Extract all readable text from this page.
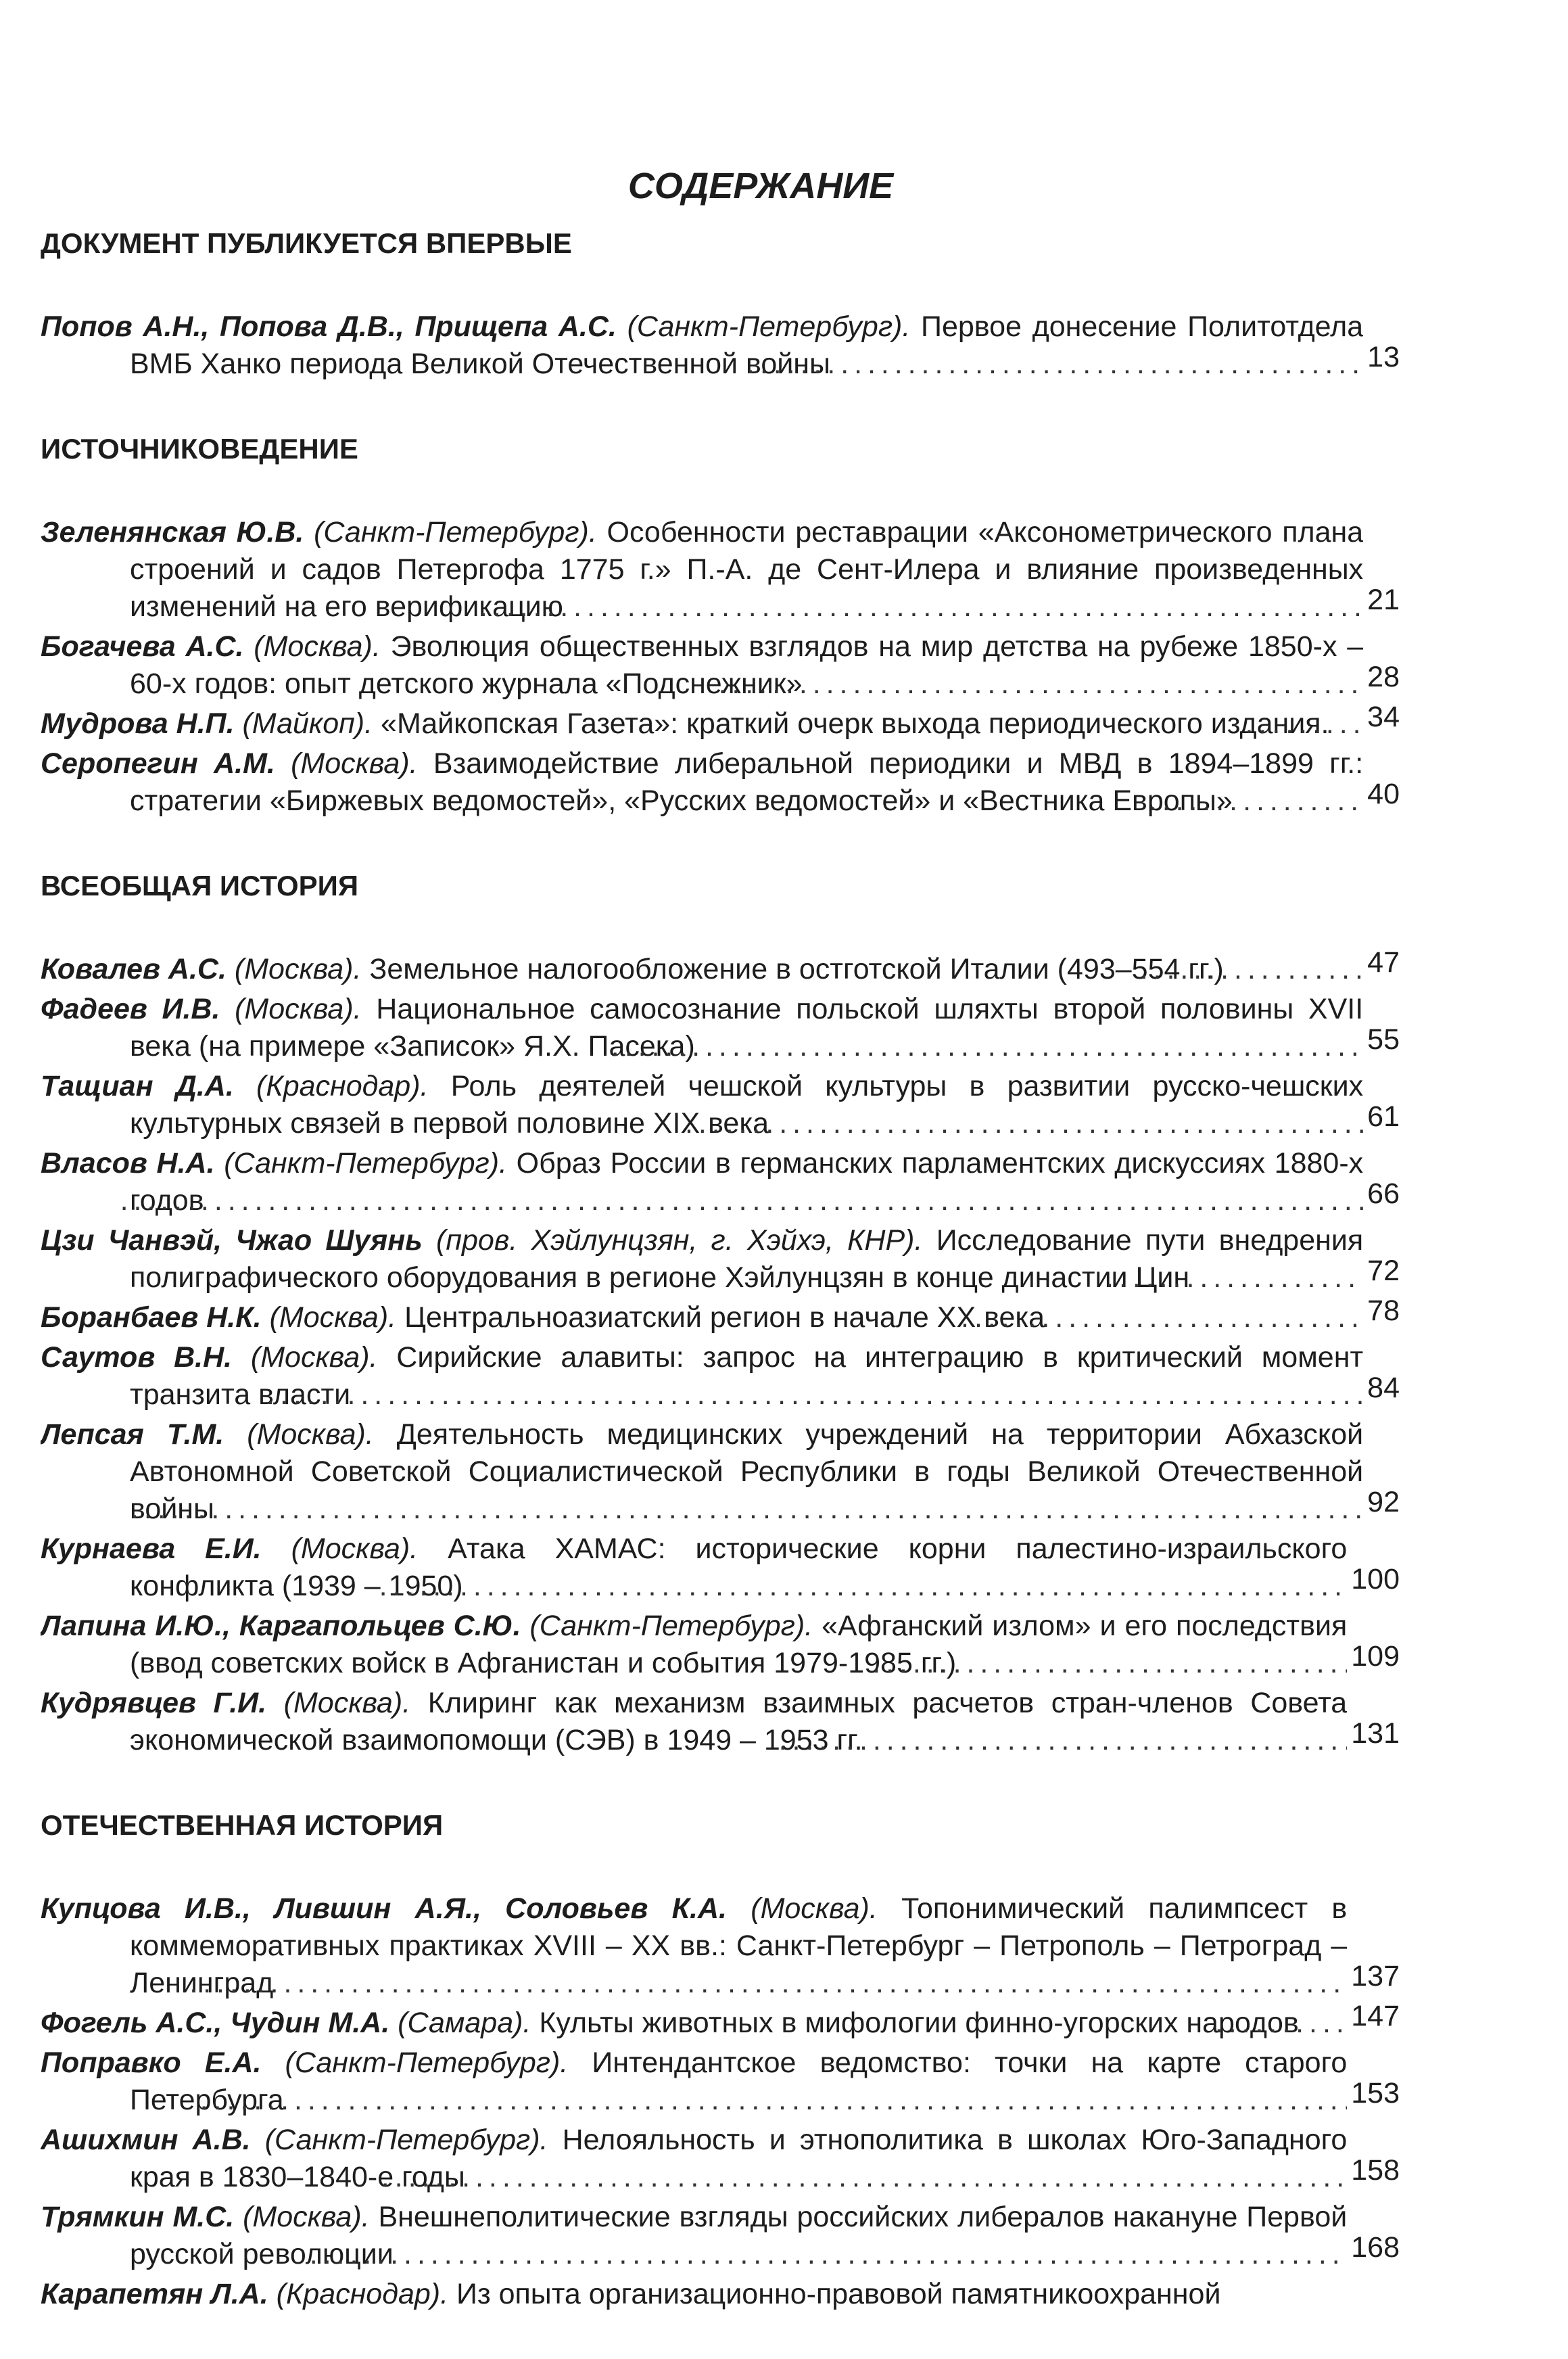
СОДЕРЖАНИЕ
ДОКУМЕНТ ПУБЛИКУЕТСЯ ВПЕРВЫЕ
Попов А.Н., Попова Д.В., Прищепа А.С. (Санкт-Петербург). Первое донесение Политотдела ВМБ Ханко периода Великой Отечественной войны . . .	13
ИСТОЧНИКОВЕДЕНИЕ
Зеленянская Ю.В. (Санкт-Петербург). Особенности реставрации «Аксонометрического плана строений и садов Петергофа 1775 г.» П.-А. де Сент-Илера и влияние произведенных изменений на его верификацию . . .	21
Богачева А.С. (Москва). Эволюция общественных взглядов на мир детства на рубеже 1850-х – 60-х годов: опыт детского журнала «Подснежник» . . .	28
Мудрова Н.П. (Майкоп). «Майкопская Газета»: краткий очерк выхода периодического издания. . . .	34
Серопегин А.М. (Москва). Взаимодействие либеральной периодики и МВД в 1894–1899 гг.: стратегии «Биржевых ведомостей», «Русских ведомостей» и «Вестника Европы» . . .	40
ВСЕОБЩАЯ ИСТОРИЯ
Ковалев А.С. (Москва). Земельное налогообложение в остготской Италии (493–554 гг.) . . .	47
Фадеев И.В. (Москва). Национальное самосознание польской шляхты второй половины XVII века (на примере «Записок» Я.Х. Пасека) . . .	55
Тащиан Д.А. (Краснодар). Роль деятелей чешской культуры в развитии русско-чешских культурных связей в первой половине XIX века . . .	61
Власов Н.А. (Санкт-Петербург). Образ России в германских парламентских дискуссиях 1880-х годов . . .	66
Цзи Чанвэй, Чжао Шуянь (пров. Хэйлунцзян, г. Хэйхэ, КНР). Исследование пути внедрения полиграфического оборудования в регионе Хэйлунцзян в конце династии Цин . . .	72
Боранбаев Н.К. (Москва). Центральноазиатский регион в начале XX века . . .	78
Саутов В.Н. (Москва). Сирийские алавиты: запрос на интеграцию в критический момент транзита власти . . .	84
Лепсая Т.М. (Москва). Деятельность медицинских учреждений на территории Абхазской Автономной Советской Социалистической Республики в годы Великой Отечественной войны . . .	92
Курнаева Е.И. (Москва). Атака ХАМАС: исторические корни палестино-израильского конфликта (1939 – 1950) . . .	100
Лапина И.Ю., Каргапольцев С.Ю. (Санкт-Петербург). «Афганский излом» и его последствия (ввод советских войск в Афганистан и события 1979-1985 гг.) . . .	109
Кудрявцев Г.И. (Москва). Клиринг как механизм взаимных расчетов стран-членов Совета экономической взаимопомощи (СЭВ) в 1949 – 1953 гг. . . .	131
ОТЕЧЕСТВЕННАЯ ИСТОРИЯ
Купцова И.В., Лившин А.Я., Соловьев К.А. (Москва). Топонимический палимпсест в коммеморативных практиках XVIII – XX вв.: Санкт-Петербург – Петрополь – Петроград – Ленинград . . .	137
Фогель А.С., Чудин М.А. (Самара). Культы животных в мифологии финно-угорских народов . . .	147
Поправко Е.А. (Санкт-Петербург). Интендантское ведомство: точки на карте старого Петербурга . . .	153
Ашихмин А.В. (Санкт-Петербург). Нелояльность и этнополитика в школах Юго-Западного края в 1830–1840-е годы . . .	158
Трямкин М.С. (Москва). Внешнеполитические взгляды российских либералов накануне Первой русской революции . . .	168
Карапетян Л.А. (Краснодар). Из опыта организационно-правовой памятникоохранной
